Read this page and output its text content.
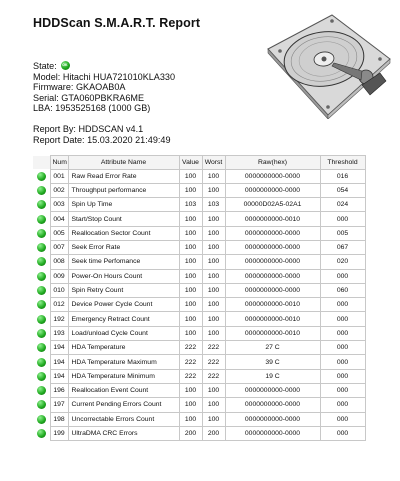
HDDScan S.M.A.R.T. Report
State: OK
Model: Hitachi HUA721010KLA330
Firmware: GKAOAB0A
Serial: GTA060PBKRA6ME
LBA: 1953525168 (1000 GB)
Report By: HDDSCAN v4.1
Report Date: 15.03.2020 21:49:49
	Num	Attribute Name	Value	Worst	Raw(hex)	Threshold
	001	Raw Read Error Rate	100	100	0000000000-0000	016
	002	Throughput performance	100	100	0000000000-0000	054
	003	Spin Up Time	103	103	00000D02A5-02A1	024
	004	Start/Stop Count	100	100	0000000000-0010	000
	005	Reallocation Sector Count	100	100	0000000000-0000	005
	007	Seek Error Rate	100	100	0000000000-0000	067
	008	Seek time Perfomance	100	100	0000000000-0000	020
	009	Power-On Hours Count	100	100	0000000000-0000	000
	010	Spin Retry Count	100	100	0000000000-0000	060
	012	Device Power Cycle Count	100	100	0000000000-0010	000
	192	Emergency Retract Count	100	100	0000000000-0010	000
	193	Load/unload Cycle Count	100	100	0000000000-0010	000
	194	HDA Temperature	222	222	27 C	000
	194	HDA Temperature Maximum	222	222	39 C	000
	194	HDA Temperature Minimum	222	222	19 C	000
	196	Reallocation Event Count	100	100	0000000000-0000	000
	197	Current Pending Errors Count	100	100	0000000000-0000	000
	198	Uncorrectable Errors Count	100	100	0000000000-0000	000
	199	UltraDMA CRC Errors	200	200	0000000000-0000	000
